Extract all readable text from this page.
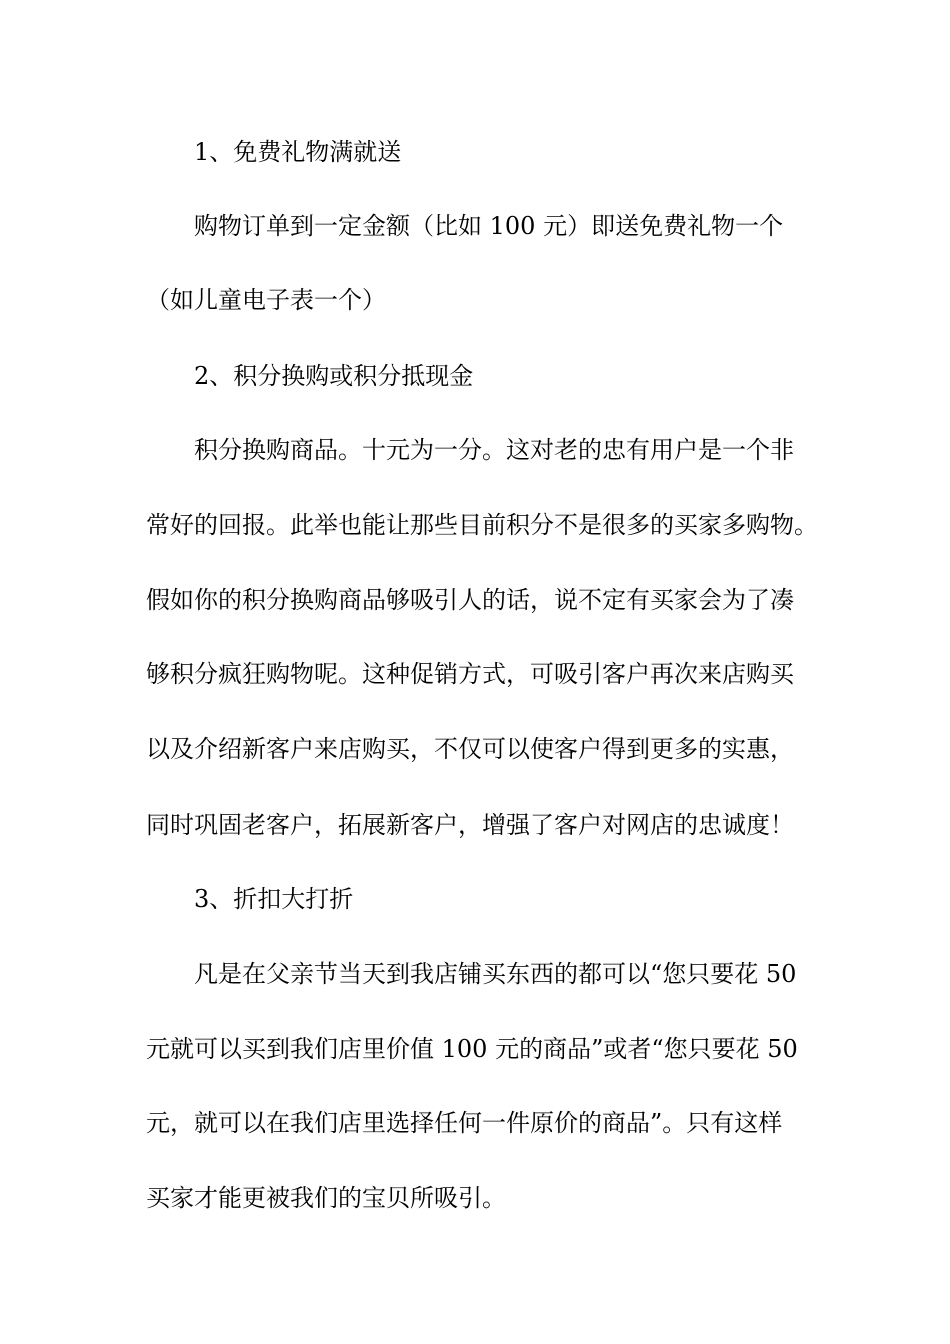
1、免费礼物满就送
购物订单到一定金额（比如 100 元）即送免费礼物一个
（如儿童电子表一个）
2、积分换购或积分抵现金
积分换购商品。十元为一分。这对老的忠有用户是一个非
常好的回报。此举也能让那些目前积分不是很多的买家多购物。
假如你的积分换购商品够吸引人的话，说不定有买家会为了凑
够积分疯狂购物呢。这种促销方式，可吸引客户再次来店购买
以及介绍新客户来店购买，不仅可以使客户得到更多的实惠，
同时巩固老客户，拓展新客户，增强了客户对网店的忠诚度！
3、折扣大打折
凡是在父亲节当天到我店铺买东西的都可以“您只要花 50
元就可以买到我们店里价值 100 元的商品”或者“您只要花 50
元，就可以在我们店里选择任何一件原价的商品”。只有这样
买家才能更被我们的宝贝所吸引。
